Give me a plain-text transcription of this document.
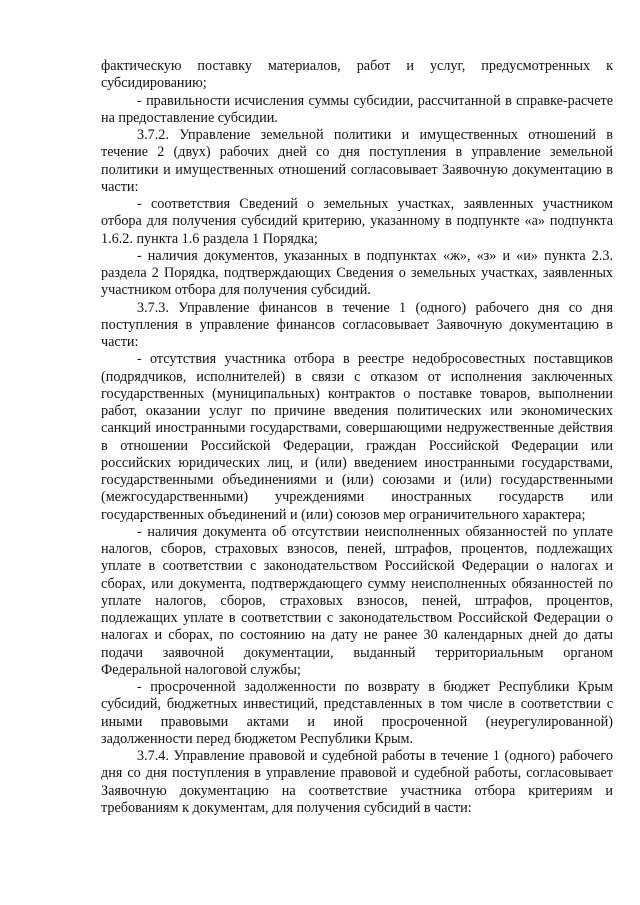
фактическую поставку материалов, работ и услуг, предусмотренных к субсидированию;

- правильности исчисления суммы субсидии, рассчитанной в справке-расчете на предоставление субсидии.

3.7.2. Управление земельной политики и имущественных отношений в течение 2 (двух) рабочих дней со дня поступления в управление земельной политики и имущественных отношений согласовывает Заявочную документацию в части:

- соответствия Сведений о земельных участках, заявленных участником отбора для получения субсидий критерию, указанному в подпункте «а» подпункта 1.6.2. пункта 1.6 раздела 1 Порядка;

- наличия документов, указанных в подпунктах «ж», «з» и «и» пункта 2.3. раздела 2 Порядка, подтверждающих Сведения о земельных участках, заявленных участником отбора для получения субсидий.

3.7.3. Управление финансов в течение 1 (одного) рабочего дня со дня поступления в управление финансов согласовывает Заявочную документацию в части:

- отсутствия участника отбора в реестре недобросовестных поставщиков (подрядчиков, исполнителей) в связи с отказом от исполнения заключенных государственных (муниципальных) контрактов о поставке товаров, выполнении работ, оказании услуг по причине введения политических или экономических санкций иностранными государствами, совершающими недружественные действия в отношении Российской Федерации, граждан Российской Федерации или российских юридических лиц, и (или) введением иностранными государствами, государственными объединениями и (или) союзами и (или) государственными (межгосударственными) учреждениями иностранных государств или государственных объединений и (или) союзов мер ограничительного характера;

- наличия документа об отсутствии неисполненных обязанностей по уплате налогов, сборов, страховых взносов, пеней, штрафов, процентов, подлежащих уплате в соответствии с законодательством Российской Федерации о налогах и сборах, или документа, подтверждающего сумму неисполненных обязанностей по уплате налогов, сборов, страховых взносов, пеней, штрафов, процентов, подлежащих уплате в соответствии с законодательством Российской Федерации о налогах и сборах, по состоянию на дату не ранее 30 календарных дней до даты подачи заявочной документации, выданный территориальным органом Федеральной налоговой службы;

- просроченной задолженности по возврату в бюджет Республики Крым субсидий, бюджетных инвестиций, представленных в том числе в соответствии с иными правовыми актами и иной просроченной (неурегулированной) задолженности перед бюджетом Республики Крым.

3.7.4. Управление правовой и судебной работы в течение 1 (одного) рабочего дня со дня поступления в управление правовой и судебной работы, согласовывает Заявочную документацию на соответствие участника отбора критериям и требованиям к документам, для получения субсидий в части:
